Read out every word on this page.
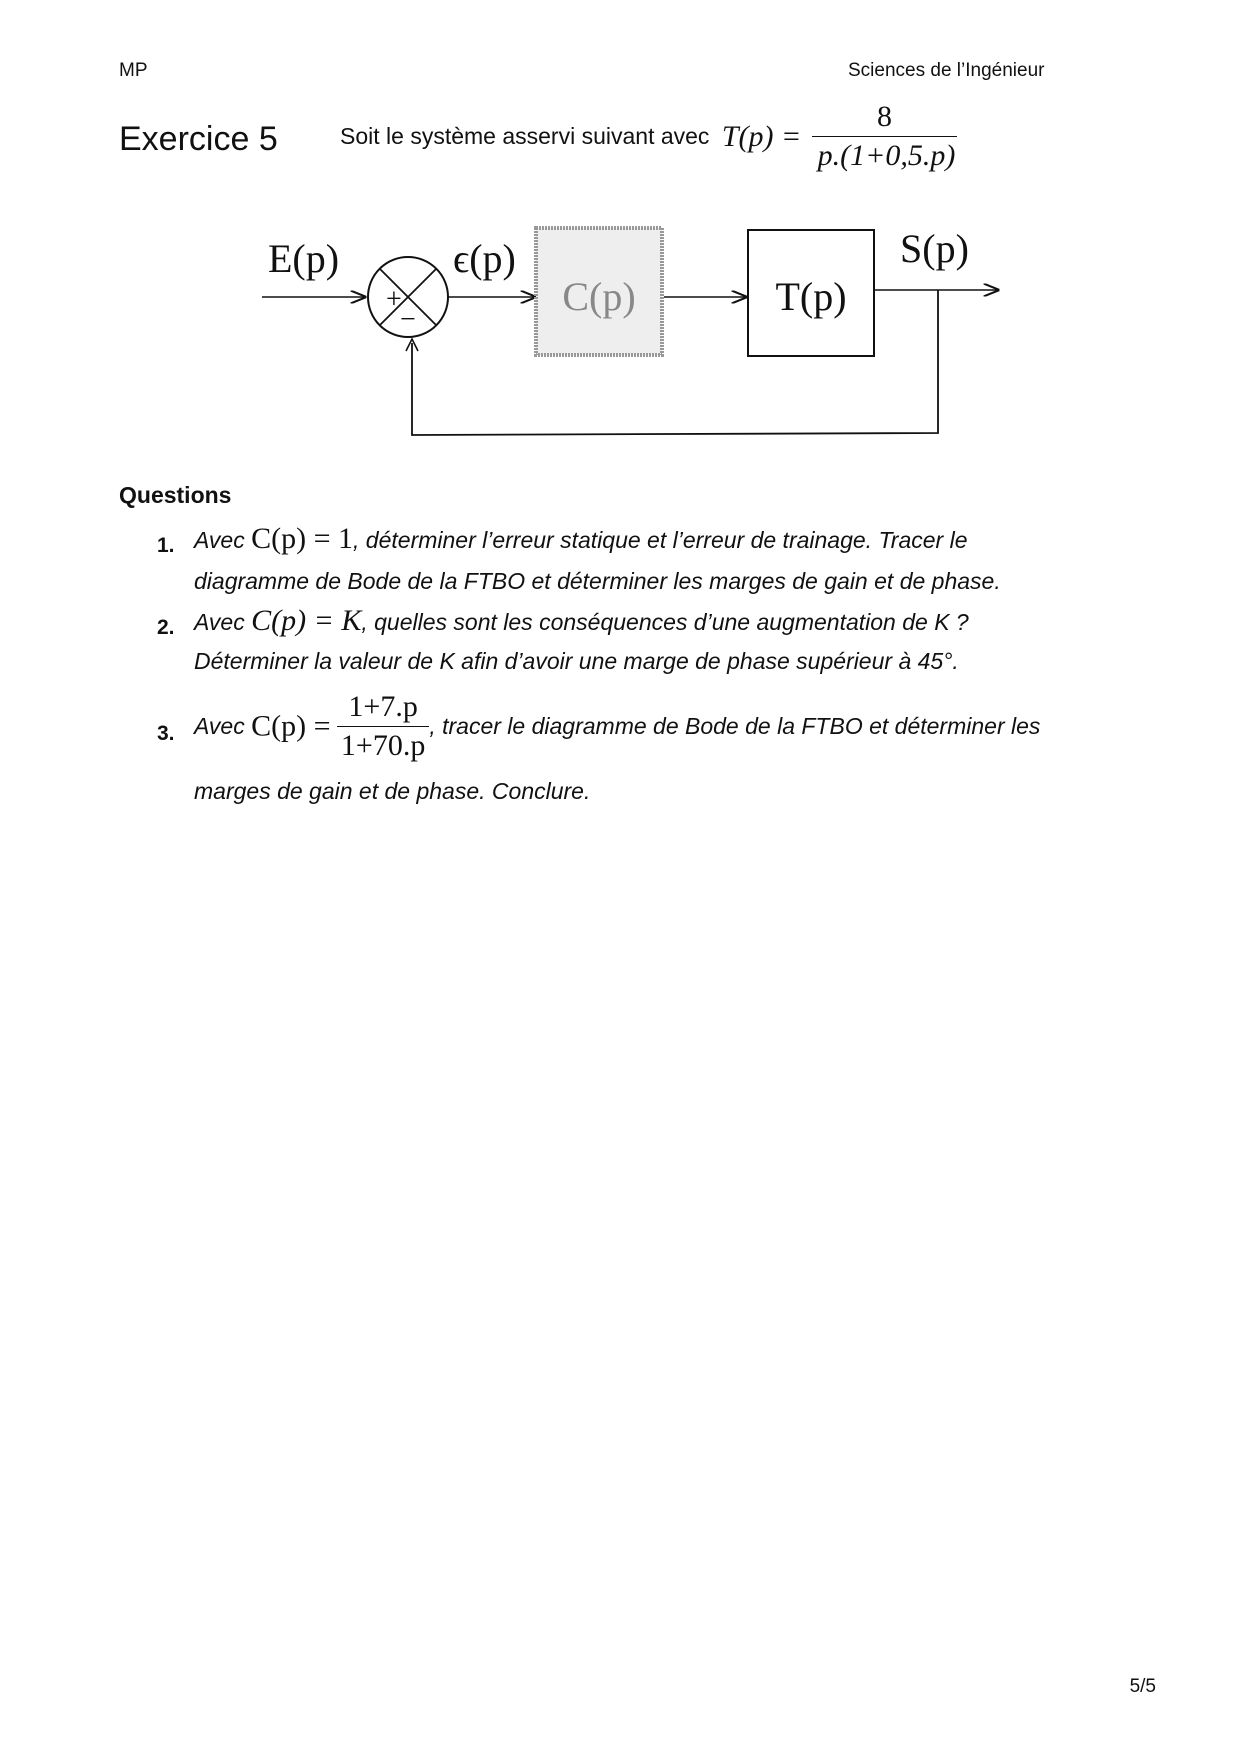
MP	Sciences de l’Ingénieur
Exercice 5	Soit le système asservi suivant avec $T(p) = \frac{8}{p.(1+0,5.p)}$
+
−
C(p)	T(p)
E(p)	ϵ(p)	S(p)
Questions
1. Avec C(p) = 1, déterminer l’erreur statique et l’erreur de trainage. Tracer le
diagramme de Bode de la FTBO et déterminer les marges de gain et de phase.
2. Avec C(p) = K, quelles sont les conséquences d’une augmentation de K ?
Déterminer la valeur de K afin d’avoir une marge de phase supérieur à 45°.
3. Avec $C(p) = \frac{1+7.p}{1+70.p}$ , tracer le diagramme de Bode de la FTBO et déterminer les
marges de gain et de phase. Conclure.
5/5
